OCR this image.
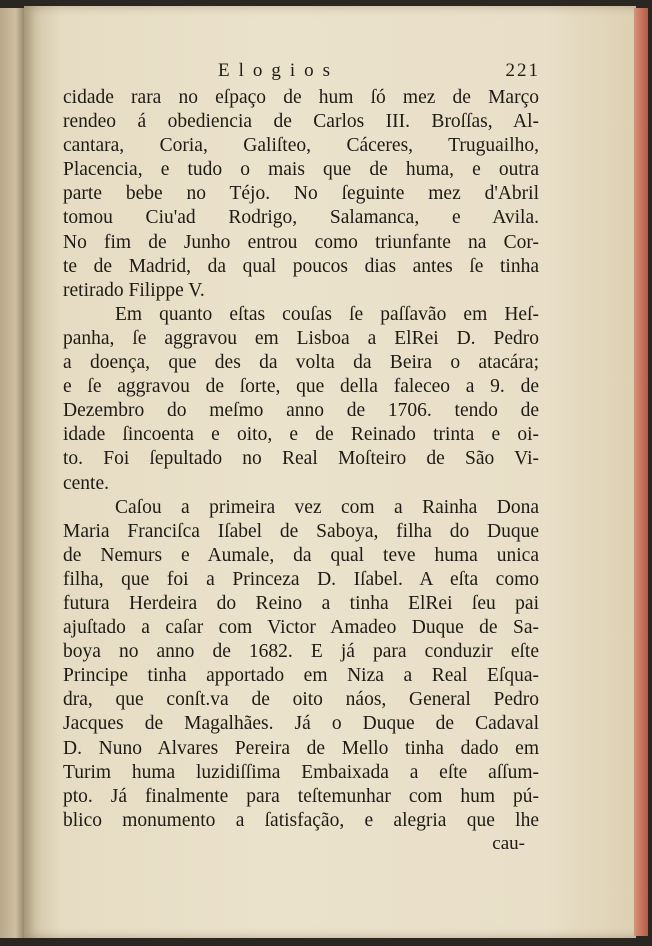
Elogios	221
cidade rara no eſpaço de hum ſó mez de Março
rendeo á obediencia de Carlos III. Broſſas, Al-
cantara, Coria, Galiſteo, Cáceres, Truguailho,
Placencia, e tudo o mais que de huma, e outra
parte bebe no Téjo. No ſeguinte mez d'Abril
tomou Ciu'ad Rodrigo, Salamanca, e Avila.
No fim de Junho entrou como triunfante na Cor-
te de Madrid, da qual poucos dias antes ſe tinha
retirado Filippe V.
Em quanto eſtas couſas ſe paſſavão em Heſ-
panha, ſe aggravou em Lisboa a ElRei D. Pedro
a doença, que des da volta da Beira o atacára;
e ſe aggravou de ſorte, que della faleceo a 9. de
Dezembro do meſmo anno de 1706. tendo de
idade ſincoenta e oito, e de Reinado trinta e oi-
to. Foi ſepultado no Real Moſteiro de São Vi-
cente.
Caſou a primeira vez com a Rainha Dona
Maria Franciſca Iſabel de Saboya, filha do Duque
de Nemurs e Aumale, da qual teve huma unica
filha, que foi a Princeza D. Iſabel. A eſta como
futura Herdeira do Reino a tinha ElRei ſeu pai
ajuſtado a caſar com Victor Amadeo Duque de Sa-
boya no anno de 1682. E já para conduzir eſte
Principe tinha apportado em Niza a Real Eſqua-
dra, que conſt.va de oito náos, General Pedro
Jacques de Magalhães. Já o Duque de Cadaval
D. Nuno Alvares Pereira de Mello tinha dado em
Turim huma luzidiſſima Embaixada a eſte aſſum-
pto. Já finalmente para teſtemunhar com hum pú-
blico monumento a ſatisfação, e alegria que lhe
cau-
